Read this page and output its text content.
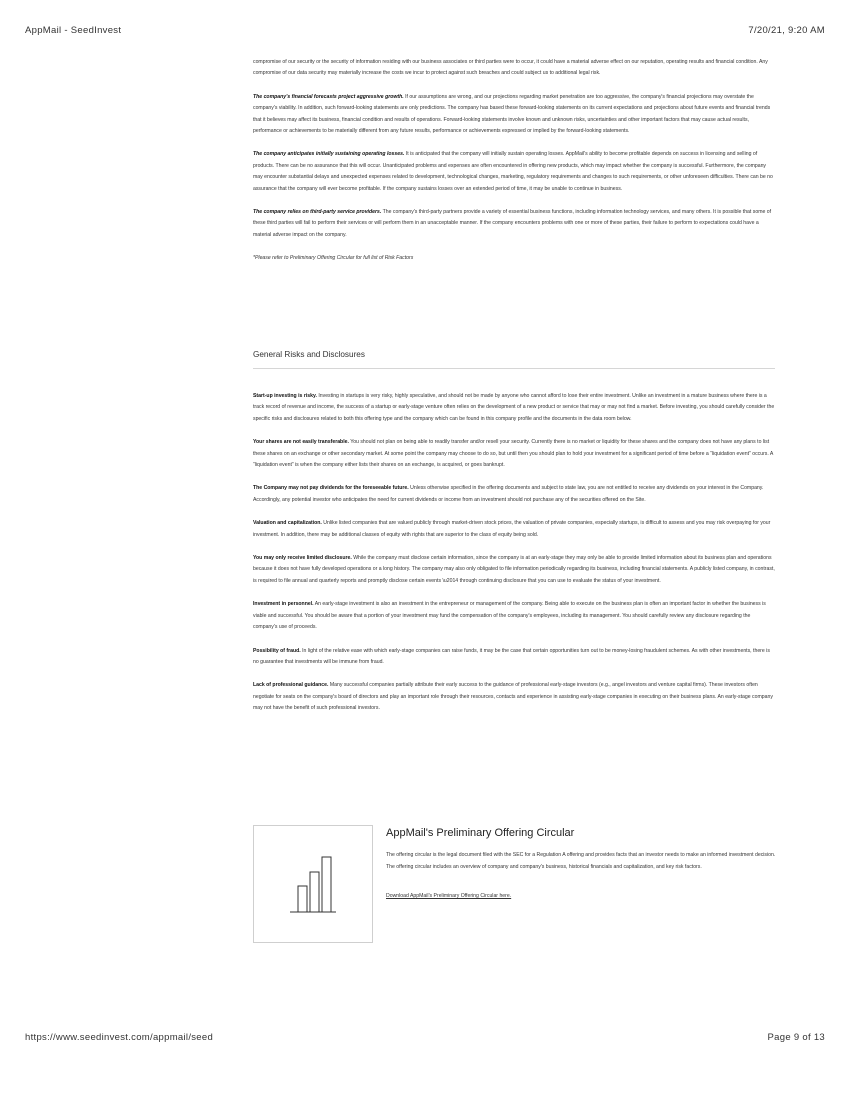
AppMail - SeedInvest	7/20/21, 9:20 AM

compromise of our security or the security of information residing with our business associates or third parties were to occur, it could have a material adverse effect on our reputation, operating results and financial condition. Any compromise of our data security may materially increase the costs we incur to protect against such breaches and could subject us to additional legal risk.

The company's financial forecasts project aggressive growth. If our assumptions are wrong, and our projections regarding market penetration are too aggressive, the company's financial projections may overstate the company's viability. In addition, such forward-looking statements are only predictions. The company has based these forward-looking statements on its current expectations and projections about future events and financial trends that it believes may affect its business, financial condition and results of operations. Forward-looking statements involve known and unknown risks, uncertainties and other important factors that may cause actual results, performance or achievements to be materially different from any future results, performance or achievements expressed or implied by the forward-looking statements.

The company anticipates initially sustaining operating losses. It is anticipated that the company will initially sustain operating losses. AppMail's ability to become profitable depends on success in licensing and selling of products. There can be no assurance that this will occur. Unanticipated problems and expenses are often encountered in offering new products, which may impact whether the company is successful. Furthermore, the company may encounter substantial delays and unexpected expenses related to development, technological changes, marketing, regulatory requirements and changes to such requirements, or other unforeseen difficulties. There can be no assurance that the company will ever become profitable. If the company sustains losses over an extended period of time, it may be unable to continue in business.

The company relies on third-party service providers. The company's third-party partners provide a variety of essential business functions, including information technology services, and many others. It is possible that some of these third parties will fail to perform their services or will perform them in an unacceptable manner. If the company encounters problems with one or more of these parties, their failure to perform to expectations could have a material adverse impact on the company.

*Please refer to Preliminary Offering Circular for full list of Risk Factors

General Risks and Disclosures

Start-up investing is risky. Investing in startups is very risky, highly speculative, and should not be made by anyone who cannot afford to lose their entire investment. Unlike an investment in a mature business where there is a track record of revenue and income, the success of a startup or early-stage venture often relies on the development of a new product or service that may or may not find a market. Before investing, you should carefully consider the specific risks and disclosures related to both this offering type and the company which can be found in this company profile and the documents in the data room below.

Your shares are not easily transferable. You should not plan on being able to readily transfer and/or resell your security. Currently there is no market or liquidity for these shares and the company does not have any plans to list these shares on an exchange or other secondary market. At some point the company may choose to do so, but until then you should plan to hold your investment for a significant period of time before a “liquidation event” occurs. A “liquidation event” is when the company either lists their shares on an exchange, is acquired, or goes bankrupt.

The Company may not pay dividends for the foreseeable future. Unless otherwise specified in the offering documents and subject to state law, you are not entitled to receive any dividends on your interest in the Company. Accordingly, any potential investor who anticipates the need for current dividends or income from an investment should not purchase any of the securities offered on the Site.

Valuation and capitalization. Unlike listed companies that are valued publicly through market-driven stock prices, the valuation of private companies, especially startups, is difficult to assess and you may risk overpaying for your investment. In addition, there may be additional classes of equity with rights that are superior to the class of equity being sold.

You may only receive limited disclosure. While the company must disclose certain information, since the company is at an early-stage they may only be able to provide limited information about its business plan and operations because it does not have fully developed operations or a long history. The company may also only obligated to file information periodically regarding its business, including financial statements. A publicly listed company, in contrast, is required to file annual and quarterly reports and promptly disclose certain events \u2014 through continuing disclosure that you can use to evaluate the status of your investment.

Investment in personnel. An early-stage investment is also an investment in the entrepreneur or management of the company. Being able to execute on the business plan is often an important factor in whether the business is viable and successful. You should be aware that a portion of your investment may fund the compensation of the company's employees, including its management. You should carefully review any disclosure regarding the company's use of proceeds.

Possibility of fraud. In light of the relative ease with which early-stage companies can raise funds, it may be the case that certain opportunities turn out to be money-losing fraudulent schemes. As with other investments, there is no guarantee that investments will be immune from fraud.

Lack of professional guidance. Many successful companies partially attribute their early success to the guidance of professional early-stage investors (e.g., angel investors and venture capital firms). These investors often negotiate for seats on the company's board of directors and play an important role through their resources, contacts and experience in assisting early-stage companies in executing on their business plans. An early-stage company may not have the benefit of such professional investors.

AppMail's Preliminary Offering Circular
The offering circular is the legal document filed with the SEC for a Regulation A offering and provides facts that an investor needs to make an informed investment decision. The offering circular includes an overview of company and company's business, historical financials and capitalization, and key risk factors.
Download AppMail's Preliminary Offering Circular here.
https://www.seedinvest.com/appmail/seed	Page 9 of 13
